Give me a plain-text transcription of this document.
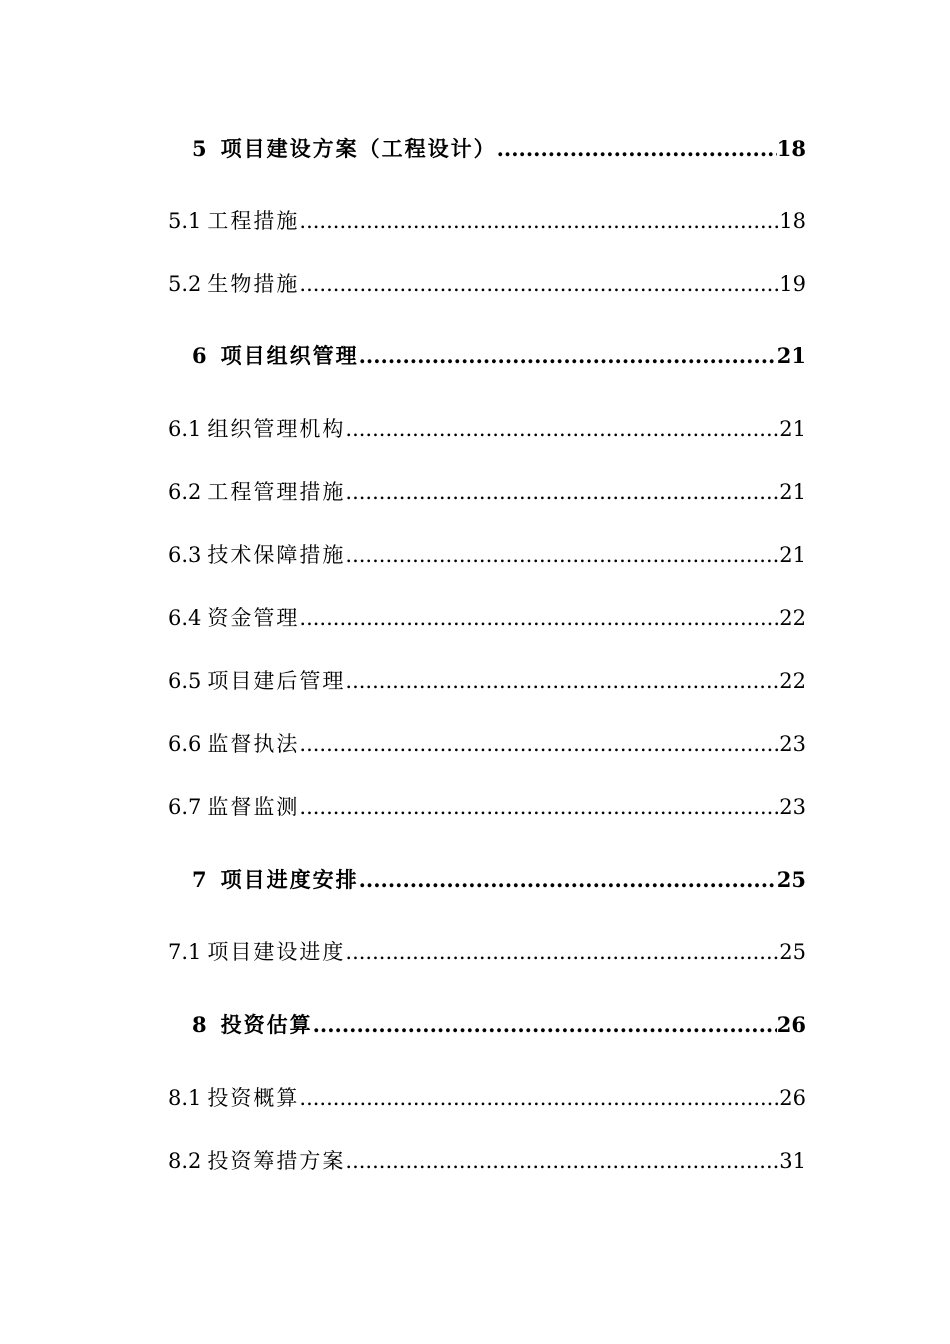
5 项目建设方案（工程设计） .....	18
5.1 工程措施 .....	18
5.2 生物措施 .....	19
6 项目组织管理 .....	21
6.1 组织管理机构 .....	21
6.2 工程管理措施 .....	21
6.3 技术保障措施 .....	21
6.4 资金管理 .....	22
6.5 项目建后管理 .....	22
6.6 监督执法 .....	23
6.7 监督监测 .....	23
7 项目进度安排 .....	25
7.1 项目建设进度 .....	25
8 投资估算 .....	26
8.1 投资概算 .....	26
8.2 投资筹措方案 .....	31
